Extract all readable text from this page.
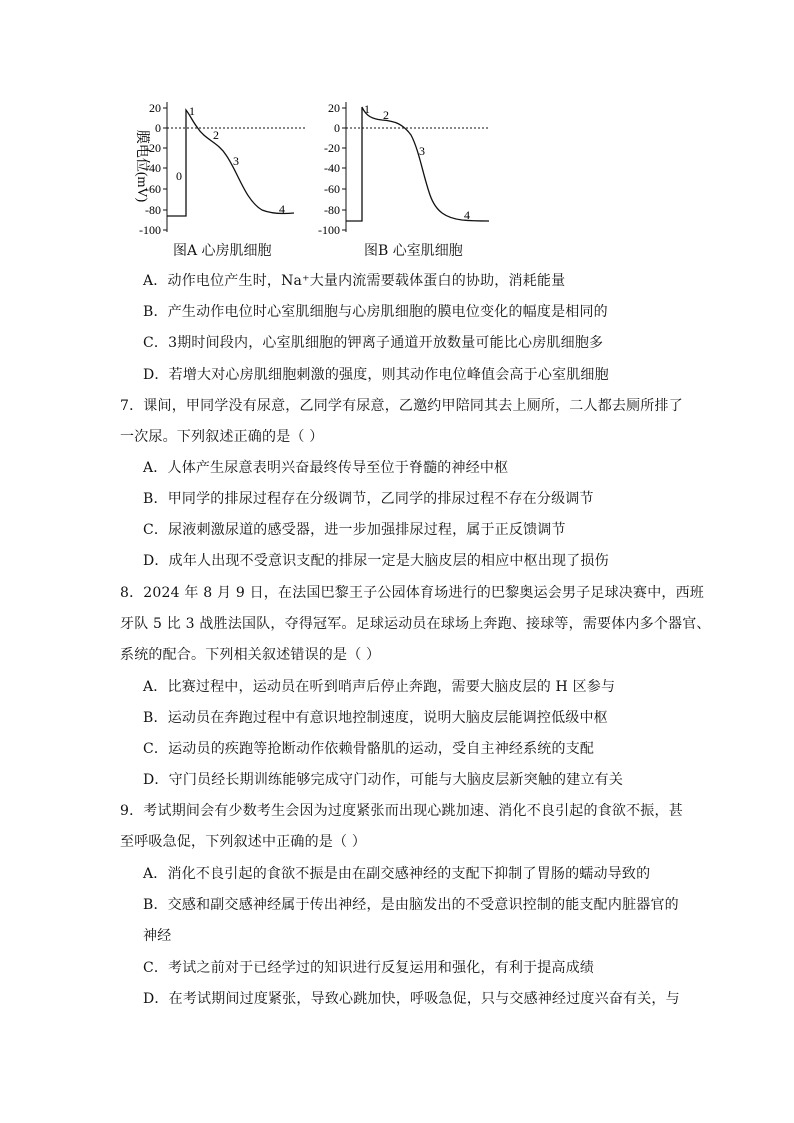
膜电位(mV)
20
0
-20
-40
-60
-80
-100
0
1
2
3
4
20
0
-20
-40
-60
-80
-100
1 2
3
4
图A 心房肌细胞	图B 心室肌细胞
A．动作电位产生时，Na⁺大量内流需要载体蛋白的协助，消耗能量
B．产生动作电位时心室肌细胞与心房肌细胞的膜电位变化的幅度是相同的
C．3期时间段内，心室肌细胞的钾离子通道开放数量可能比心房肌细胞多
D．若增大对心房肌细胞刺激的强度，则其动作电位峰值会高于心室肌细胞
7．课间，甲同学没有尿意，乙同学有尿意，乙邀约甲陪同其去上厕所，二人都去厕所排了
一次尿。下列叙述正确的是（ ）
A．人体产生尿意表明兴奋最终传导至位于脊髓的神经中枢
B．甲同学的排尿过程存在分级调节，乙同学的排尿过程不存在分级调节
C．尿液刺激尿道的感受器，进一步加强排尿过程，属于正反馈调节
D．成年人出现不受意识支配的排尿一定是大脑皮层的相应中枢出现了损伤
8．2024 年 8 月 9 日，在法国巴黎王子公园体育场进行的巴黎奥运会男子足球决赛中，西班
牙队 5 比 3 战胜法国队，夺得冠军。足球运动员在球场上奔跑、接球等，需要体内多个器官、
系统的配合。下列相关叙述错误的是（ ）
A．比赛过程中，运动员在听到哨声后停止奔跑，需要大脑皮层的 H 区参与
B．运动员在奔跑过程中有意识地控制速度，说明大脑皮层能调控低级中枢
C．运动员的疾跑等抢断动作依赖骨骼肌的运动，受自主神经系统的支配
D．守门员经长期训练能够完成守门动作，可能与大脑皮层新突触的建立有关
9．考试期间会有少数考生会因为过度紧张而出现心跳加速、消化不良引起的食欲不振，甚
至呼吸急促，下列叙述中正确的是（ ）
A．消化不良引起的食欲不振是由在副交感神经的支配下抑制了胃肠的蠕动导致的
B．交感和副交感神经属于传出神经，是由脑发出的不受意识控制的能支配内脏器官的
神经
C．考试之前对于已经学过的知识进行反复运用和强化，有利于提高成绩
D．在考试期间过度紧张，导致心跳加快，呼吸急促，只与交感神经过度兴奋有关，与
